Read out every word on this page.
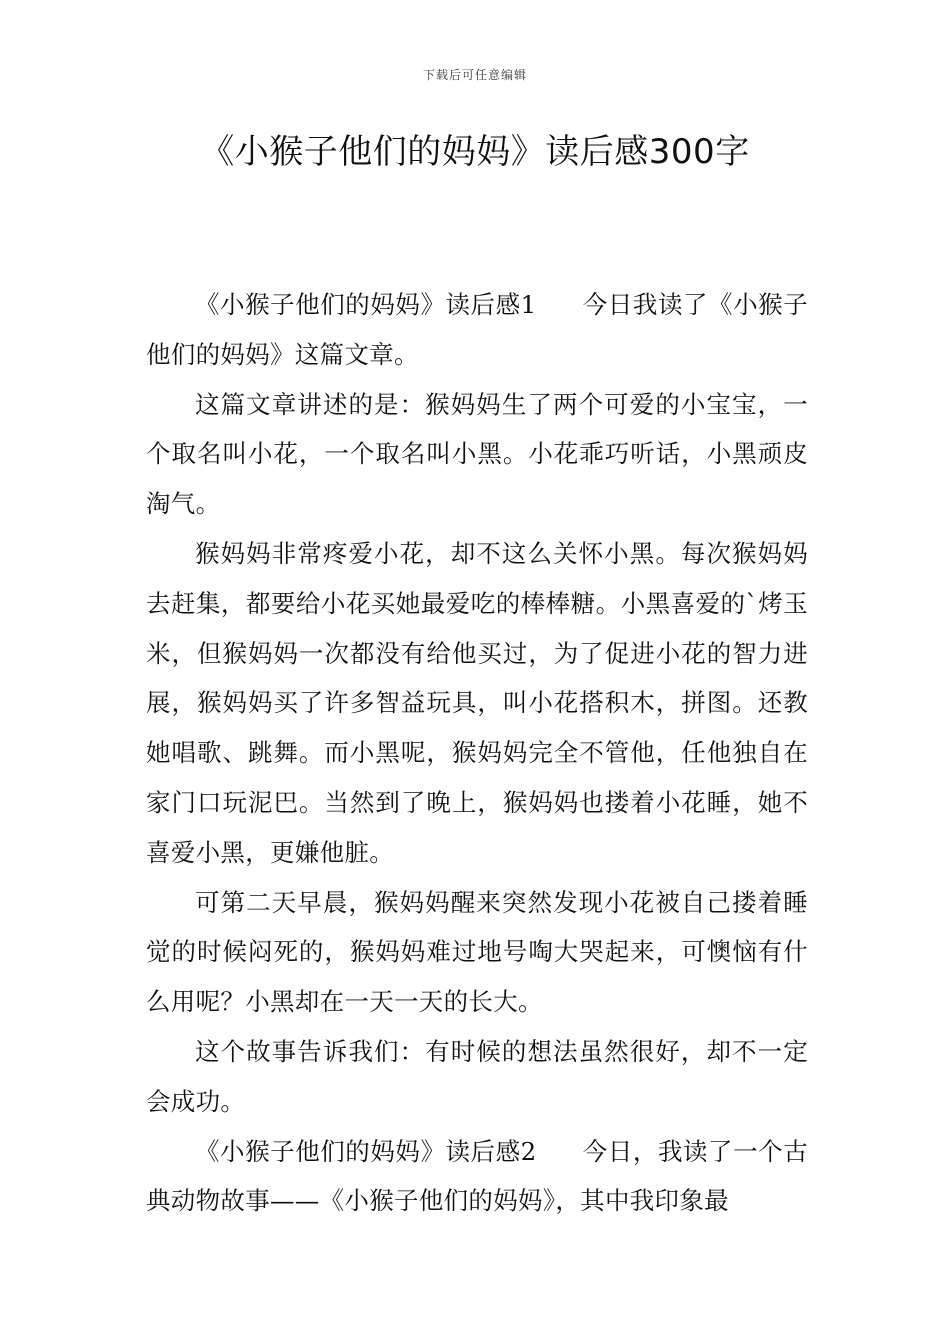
下载后可任意编辑
《小猴子他们的妈妈》读后感300字

《小猴子他们的妈妈》读后感1 今日我读了《小猴子他们的妈妈》这篇文章。

这篇文章讲述的是：猴妈妈生了两个可爱的小宝宝，一个取名叫小花，一个取名叫小黑。小花乖巧听话，小黑顽皮淘气。

猴妈妈非常疼爱小花，却不这么关怀小黑。每次猴妈妈去赶集，都要给小花买她最爱吃的棒棒糖。小黑喜爱的`烤玉米，但猴妈妈一次都没有给他买过，为了促进小花的智力进展，猴妈妈买了许多智益玩具，叫小花搭积木，拼图。还教她唱歌、跳舞。而小黑呢，猴妈妈完全不管他，任他独自在家门口玩泥巴。当然到了晚上，猴妈妈也搂着小花睡，她不喜爱小黑，更嫌他脏。

可第二天早晨，猴妈妈醒来突然发现小花被自己搂着睡觉的时候闷死的，猴妈妈难过地号啕大哭起来，可懊恼有什么用呢？小黑却在一天一天的长大。

这个故事告诉我们：有时候的想法虽然很好，却不一定会成功。

《小猴子他们的妈妈》读后感2 今日，我读了一个古典动物故事——《小猴子他们的妈妈》，其中我印象最
